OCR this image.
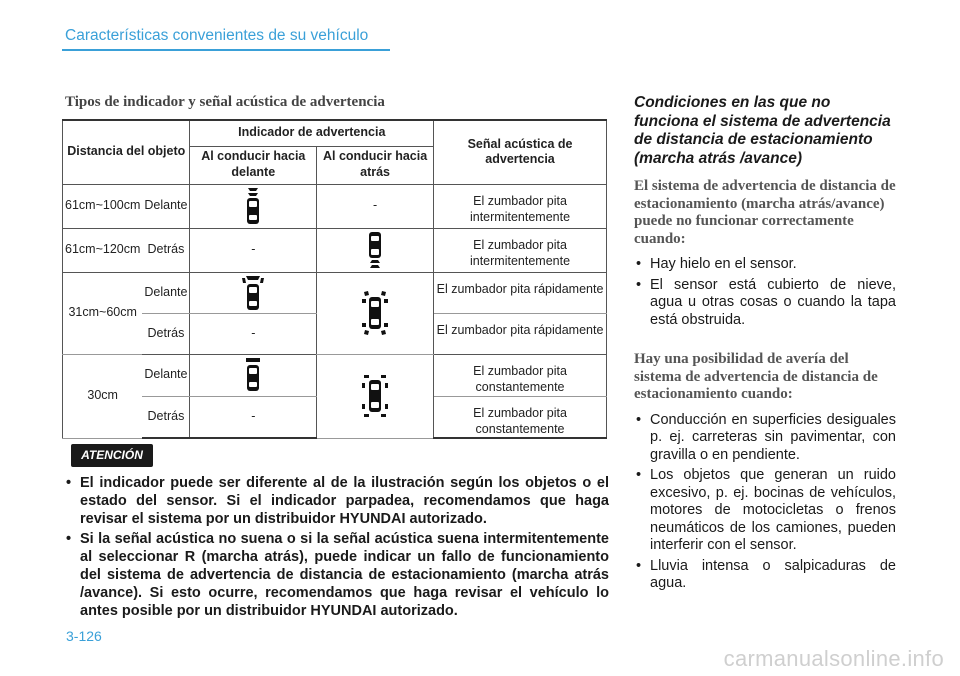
Características convenientes de su vehículo
Tipos de indicador y señal acústica de advertencia
Distancia del objeto		Indicador de advertencia		Señal acústica de advertencia
		Al conducir hacia delante	Al conducir hacia atrás	
61cm~100cm	Delante		-	El zumbador pita intermitentemente
61cm~120cm	Detrás	-		El zumbador pita intermitentemente
31cm~60cm	Delante			El zumbador pita rápidamente
	Detrás	-		El zumbador pita rápidamente
30cm	Delante			El zumbador pita constantemente
	Detrás	-		El zumbador pita constantemente
ATENCIÓN
• El indicador puede ser diferente al de la ilustración según los objetos o el estado del sensor. Si el indicador parpadea, recomendamos que haga revisar el sistema por un distribuidor HYUNDAI autorizado.
• Si la señal acústica no suena o si la señal acústica suena intermitentemente al seleccionar R (marcha atrás), puede indicar un fallo de funcionamiento del sistema de advertencia de distancia de estacionamiento (marcha atrás /avance). Si esto ocurre, recomendamos que haga revisar el vehículo lo antes posible por un distribuidor HYUNDAI autorizado.

Condiciones en las que no funciona el sistema de advertencia de distancia de estacionamiento (marcha atrás /avance)

El sistema de advertencia de distancia de estacionamiento (marcha atrás/avance) puede no funcionar correctamente cuando:

• Hay hielo en el sensor.
• El sensor está cubierto de nieve, agua u otras cosas o cuando la tapa está obstruida.

Hay una posibilidad de avería del sistema de advertencia de distancia de estacionamiento cuando:

• Conducción en superficies desiguales p. ej. carreteras sin pavimentar, con gravilla o en pendiente.
• Los objetos que generan un ruido excesivo, p. ej. bocinas de vehículos, motores de motocicletas o frenos neumáticos de los camiones, pueden interferir con el sensor.
• Lluvia intensa o salpicaduras de agua.
3-126
carmanualsonline.info
